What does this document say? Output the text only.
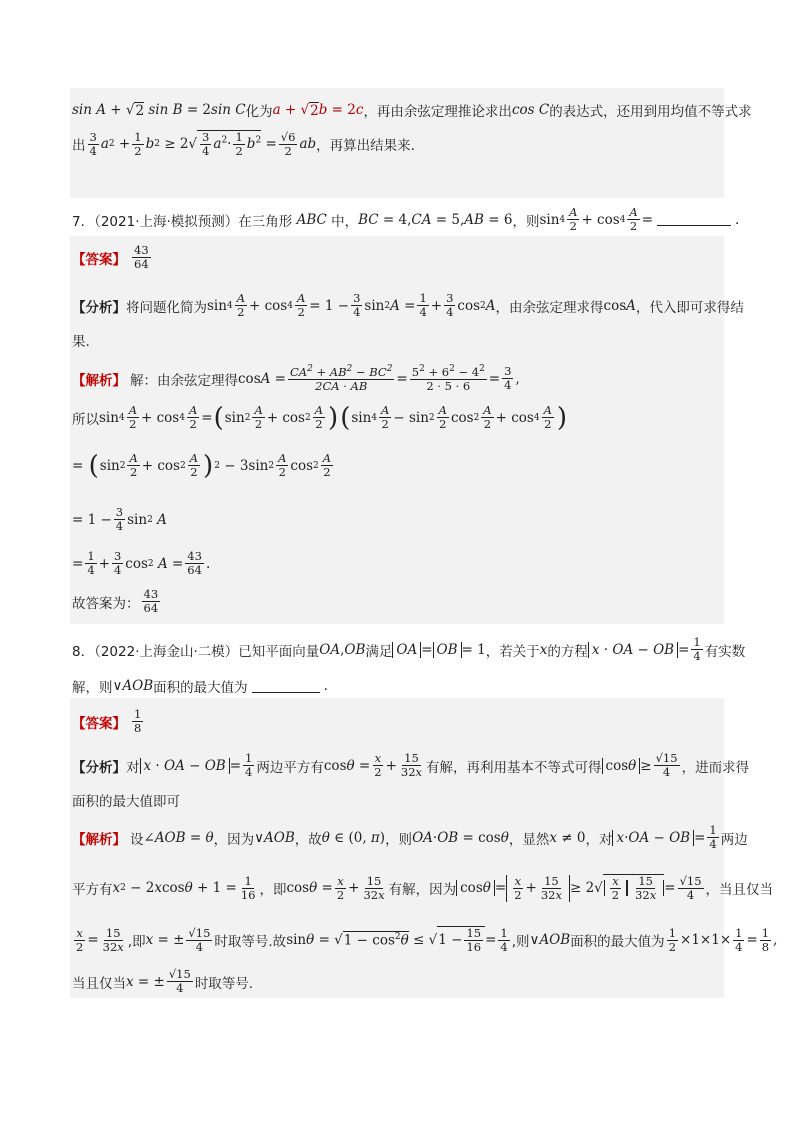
sin A + √ 2
sin B = 2 sin C 化为 a + √ 2 b = 2 c ，再由余弦定理推论求出 cos C 的表达式，还用到用均值不等式求
出 $\frac{3}{4}$ a $2 + \frac{1}{2}$ b $2 \ge 2√ \frac{3}{4} a^2\cdot \frac{1}{2} b^2 = \frac{√6}{2}$ ab ，再算出结果来.
7．（2021·上海·模拟预测）在三角形 ABC 中， BC = 4, CA = 5, AB = 6 ，则 $\sin 4 \frac{A}{2} + \cos 4 \frac{A}{2}$ =	.
【答案】 $\frac{43}{64}$
【分析】 将问题化简为 $\sin 4 \frac{A}{2} + \cos 4 \frac{A}{2} = 1 - \frac{3}{4}$ sin 2 $A = \frac{1}{4} + \frac{3}{4}$ cos 2 A ，由余弦定理求得 cosA ，代入即可求得结
果.
【解析】 解：由余弦定理得 $\cos A = \frac{CA^2 + AB^2 - BC^2}{2CA \cdot AB} = \frac{5^2 + 6^2 - 4^2}{2 \cdot 5 \cdot 6} = \frac{3}{4}$ ,
所以 $\sin 4 \frac{A}{2} + \cos 4 \frac{A}{2}$ = ( $\sin 2 \frac{A}{2} + \cos 2 \frac{A}{2}$ ) ( $\sin 4 \frac{A}{2} - \sin 2 \frac{A}{2}$ $\cos 2 \frac{A}{2} + \cos 4 \frac{A}{2}$ )
= ( $\sin 2 \frac{A}{2} + \cos 2 \frac{A}{2}$ ) 2 − 3sin $2 \frac{A}{2}$ $\cos 2 \frac{A}{2}$
= $1 - \frac{3}{4}$ sin 2
A
= $\frac{1}{4} + \frac{3}{4}$ cos 2
$A = \frac{43}{64}$ .
故答案为： $\frac{43}{64}$
8．（2022·上海金山·二模）已知平面向量 OA , OB 满足 OA = OB = 1 ，若关于 x 的方程 x · OA − OB = $\frac{1}{4}$ 有实数
解，则 ∨AOB 面积的最大值为	.
【答案】 $\frac{1}{8}$
【分析】 对 x · OA − OB = $\frac{1}{4}$ 两边平方有 $\cos \theta = \frac{x}{2} + \frac{15}{32x}$ 有解，再利用基本不等式可得 $\cos\theta \ge \frac{√15}{4}$ ，进而求得
面积的最大值即可
【解析】 设 ∠ AOB = θ ，因为 ∨ AOB ，故 θ ∈ (0, π ) ，则 OA · OB = cos θ ，显然 x ≠ 0 ，对 x·OA − OB = $\frac{1}{4}$ 两边
平方有 x 2 − 2 x $\cos \theta + 1 = \frac{1}{16}$ ，即 $\cos \theta = \frac{x}{2} + \frac{15}{32x}$ 有解，因为 $\cos\theta = \frac{x}{2} + \frac{15}{32x} \ge 2√ \frac{x}{2} \frac{15}{32x} = \frac{√15}{4}$ ，当且仅当
$\frac{x}{2} = \frac{15}{32x}$ ,即 x = ± $\frac{√15}{4}$ 时取等号.故 sin θ = √ $1 - \cos^2\theta$ ≤ √ $1 - \frac{15}{16} = \frac{1}{4}$ ,则 ∨ AOB 面积的最大值为 $\frac{1}{2} \times 1\times 1\times \frac{1}{4} = \frac{1}{8}$ ,
当且仅当 x = ± $\frac{√15}{4}$ 时取等号.
